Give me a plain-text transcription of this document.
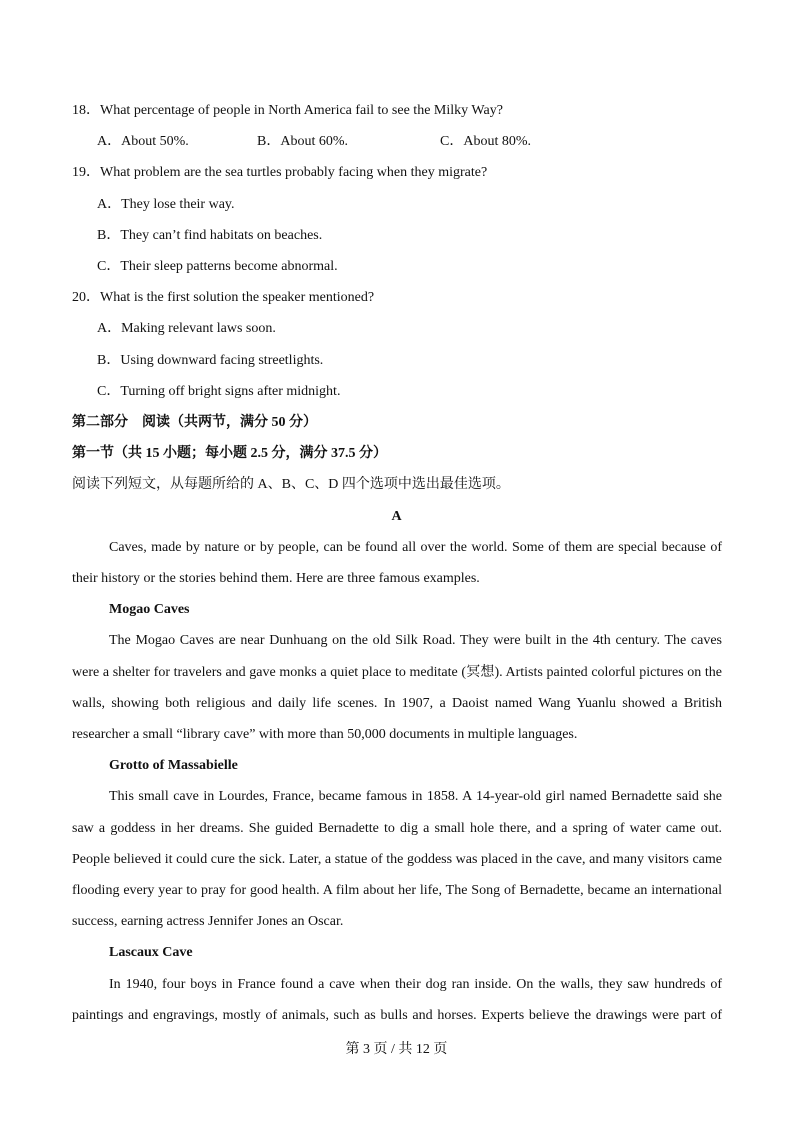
18．What percentage of people in North America fail to see the Milky Way?
A．About 50%.	B．About 60%.	C．About 80%.
19．What problem are the sea turtles probably facing when they migrate?
A．They lose their way.
B．They can’t find habitats on beaches.
C．Their sleep patterns become abnormal.
20．What is the first solution the speaker mentioned?
A．Making relevant laws soon.
B．Using downward facing streetlights.
C．Turning off bright signs after midnight.
第二部分　阅读（共两节，满分 50 分）
第一节（共 15 小题；每小题 2.5 分，满分 37.5 分）
阅读下列短文，从每题所给的 A、B、C、D 四个选项中选出最佳选项。
A
Caves, made by nature or by people, can be found all over the world. Some of them are special because of
their history or the stories behind them. Here are three famous examples.
Mogao Caves
The Mogao Caves are near Dunhuang on the old Silk Road. They were built in the 4th century. The caves
were a shelter for travelers and gave monks a quiet place to meditate (冥想). Artists painted colorful pictures on the
walls, showing both religious and daily life scenes. In 1907, a Daoist named Wang Yuanlu showed a British
researcher a small “library cave” with more than 50,000 documents in multiple languages.
Grotto of Massabielle
This small cave in Lourdes, France, became famous in 1858. A 14-year-old girl named Bernadette said she
saw a goddess in her dreams. She guided Bernadette to dig a small hole there, and a spring of water came out.
People believed it could cure the sick. Later, a statue of the goddess was placed in the cave, and many visitors came
flooding every year to pray for good health. A film about her life, The Song of Bernadette, became an international
success, earning actress Jennifer Jones an Oscar.
Lascaux Cave
In 1940, four boys in France found a cave when their dog ran inside. On the walls, they saw hundreds of
paintings and engravings, mostly of animals, such as bulls and horses. Experts believe the drawings were part of
第 3 页 / 共 12 页
